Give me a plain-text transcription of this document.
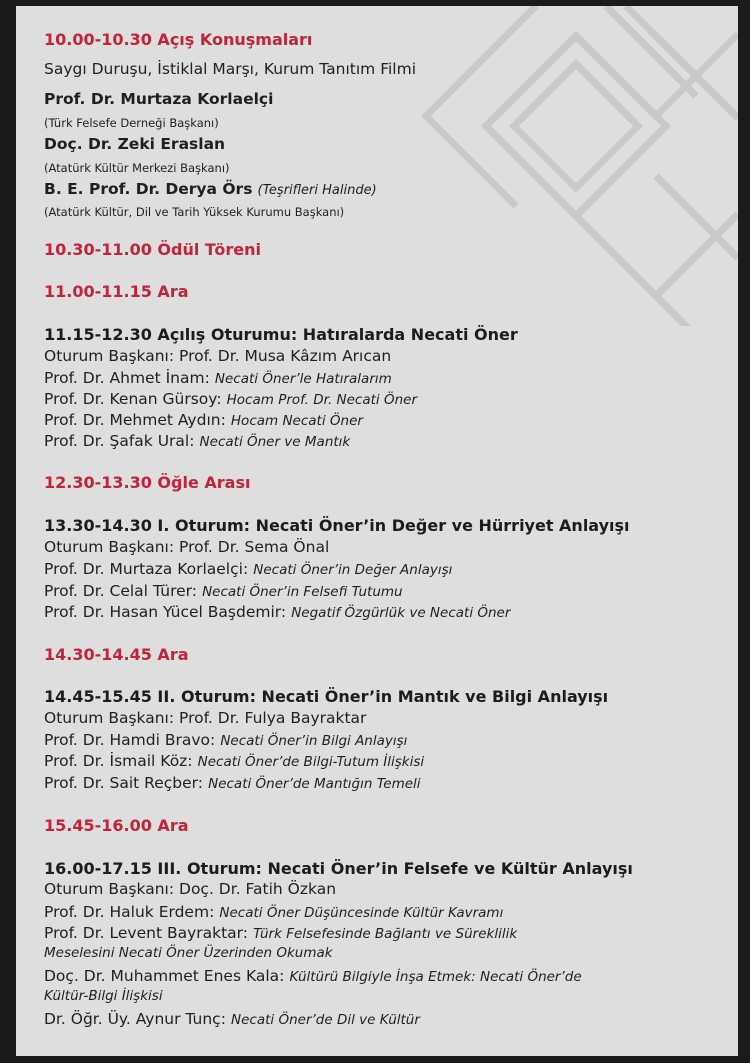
10.00-10.30 Açış Konuşmaları
Saygı Duruşu, İstiklal Marşı, Kurum Tanıtım Filmi
Prof. Dr. Murtaza Korlaelçi
(Türk Felsefe Derneği Başkanı)
Doç. Dr. Zeki Eraslan
(Atatürk Kültür Merkezi Başkanı)
B. E. Prof. Dr. Derya Örs (Teşrifleri Halinde)
(Atatürk Kültür, Dil ve Tarih Yüksek Kurumu Başkanı)
10.30-11.00 Ödül Töreni
11.00-11.15 Ara
11.15-12.30 Açılış Oturumu: Hatıralarda Necati Öner
Oturum Başkanı: Prof. Dr. Musa Kâzım Arıcan
Prof. Dr. Ahmet İnam: Necati Öner’le Hatıralarım
Prof. Dr. Kenan Gürsoy: Hocam Prof. Dr. Necati Öner
Prof. Dr. Mehmet Aydın: Hocam Necati Öner
Prof. Dr. Şafak Ural: Necati Öner ve Mantık
12.30-13.30 Öğle Arası
13.30-14.30 I. Oturum: Necati Öner’in Değer ve Hürriyet Anlayışı
Oturum Başkanı: Prof. Dr. Sema Önal
Prof. Dr. Murtaza Korlaelçi: Necati Öner’in Değer Anlayışı
Prof. Dr. Celal Türer: Necati Öner’in Felsefi Tutumu
Prof. Dr. Hasan Yücel Başdemir: Negatif Özgürlük ve Necati Öner
14.30-14.45 Ara
14.45-15.45 II. Oturum: Necati Öner’in Mantık ve Bilgi Anlayışı
Oturum Başkanı: Prof. Dr. Fulya Bayraktar
Prof. Dr. Hamdi Bravo: Necati Öner’in Bilgi Anlayışı
Prof. Dr. İsmail Köz: Necati Öner’de Bilgi-Tutum İlişkisi
Prof. Dr. Sait Reçber: Necati Öner’de Mantığın Temeli
15.45-16.00 Ara
16.00-17.15 III. Oturum: Necati Öner’in Felsefe ve Kültür Anlayışı
Oturum Başkanı: Doç. Dr. Fatih Özkan
Prof. Dr. Haluk Erdem: Necati Öner Düşüncesinde Kültür Kavramı
Prof. Dr. Levent Bayraktar: Türk Felsefesinde Bağlantı ve Süreklilik
Meselesini Necati Öner Üzerinden Okumak
Doç. Dr. Muhammet Enes Kala: Kültürü Bilgiyle İnşa Etmek: Necati Öner’de
Kültür-Bilgi İlişkisi
Dr. Öğr. Üy. Aynur Tunç: Necati Öner’de Dil ve Kültür
